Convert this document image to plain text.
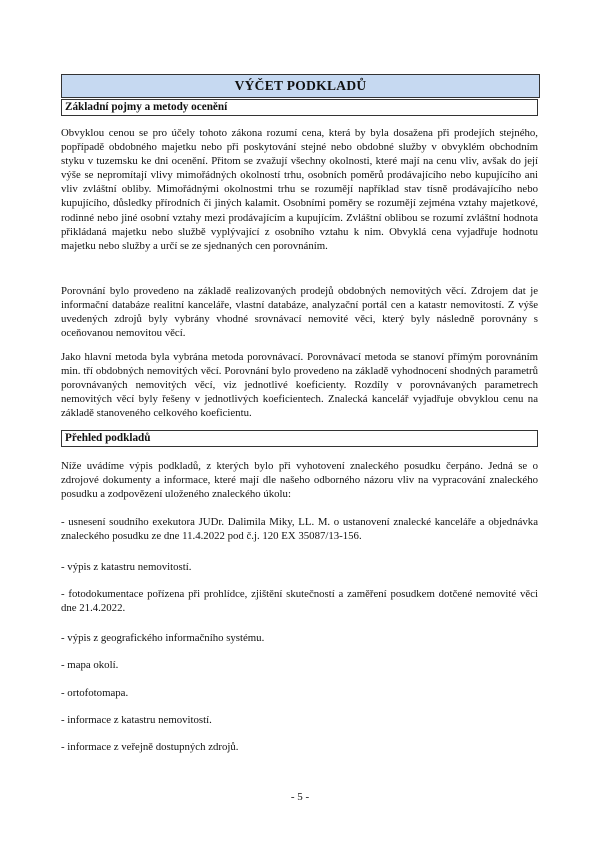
VÝČET PODKLADŮ
Základní pojmy a metody ocenění

Obvyklou cenou se pro účely tohoto zákona rozumí cena, která by byla dosažena při prodejích stejného, popřípadě obdobného majetku nebo při poskytování stejné nebo obdobné služby v obvyklém obchodním styku v tuzemsku ke dni ocenění. Přitom se zvažují všechny okolnosti, které mají na cenu vliv, avšak do její výše se nepromítají vlivy mimořádných okolností trhu, osobních poměrů prodávajícího nebo kupujícího ani vliv zvláštní obliby. Mimořádnými okolnostmi trhu se rozumějí například stav tísně prodávajícího nebo kupujícího, důsledky přírodních či jiných kalamit. Osobními poměry se rozumějí zejména vztahy majetkové, rodinné nebo jiné osobní vztahy mezi prodávajícím a kupujícím. Zvláštní oblibou se rozumí zvláštní hodnota přikládaná majetku nebo službě vyplývající z osobního vztahu k nim. Obvyklá cena vyjadřuje hodnotu majetku nebo služby a určí se ze sjednaných cen porovnáním.

Porovnání bylo provedeno na základě realizovaných prodejů obdobných nemovitých věcí. Zdrojem dat je informační databáze realitní kanceláře, vlastní databáze, analyzační portál cen a katastr nemovitostí. Z výše uvedených zdrojů byly vybrány vhodné srovnávací nemovité věci, který byly následně porovnány s oceňovanou nemovitou věcí.

Jako hlavní metoda byla vybrána metoda porovnávací. Porovnávací metoda se stanoví přímým porovnáním min. tří obdobných nemovitých věcí. Porovnání bylo provedeno na základě vyhodnocení shodných parametrů porovnávaných nemovitých věcí, viz jednotlivé koeficienty. Rozdíly v porovnávaných parametrech nemovitých věcí byly řešeny v jednotlivých koeficientech. Znalecká kancelář vyjadřuje obvyklou cenu na základě stanoveného celkového koeficientu.

Přehled podkladů

Níže uvádíme výpis podkladů, z kterých bylo při vyhotovení znaleckého posudku čerpáno. Jedná se o zdrojové dokumenty a informace, které mají dle našeho odborného názoru vliv na vypracování znaleckého posudku a zodpovězení uloženého znaleckého úkolu:

- usnesení soudního exekutora JUDr. Dalimila Miky, LL. M. o ustanovení znalecké kanceláře a objednávka znaleckého posudku ze dne 11.4.2022 pod č.j. 120 EX 35087/13-156.

- výpis z katastru nemovitostí.

- fotodokumentace pořízena při prohlídce, zjištění skutečností a zaměření posudkem dotčené nemovité věci dne 21.4.2022.

- výpis z geografického informačního systému.

- mapa okolí.

- ortofotomapa.

- informace z katastru nemovitostí.

- informace z veřejně dostupných zdrojů.

- 5 -
